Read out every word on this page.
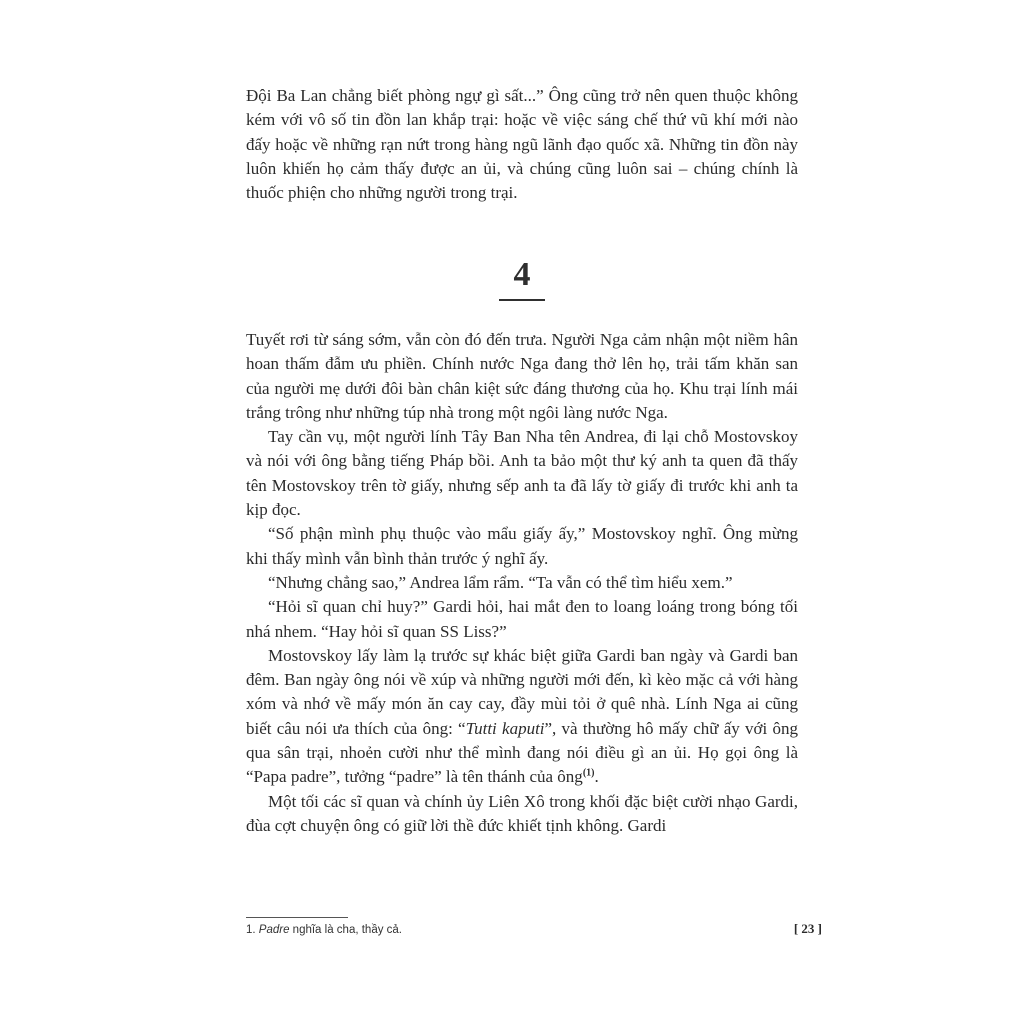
Đội Ba Lan chẳng biết phòng ngự gì sất...” Ông cũng trở nên quen thuộc không kém với vô số tin đồn lan khắp trại: hoặc về việc sáng chế thứ vũ khí mới nào đấy hoặc về những rạn nứt trong hàng ngũ lãnh đạo quốc xã. Những tin đồn này luôn khiến họ cảm thấy được an ủi, và chúng cũng luôn sai – chúng chính là thuốc phiện cho những người trong trại.

4

Tuyết rơi từ sáng sớm, vẫn còn đó đến trưa. Người Nga cảm nhận một niềm hân hoan thấm đẫm ưu phiền. Chính nước Nga đang thở lên họ, trải tấm khăn san của người mẹ dưới đôi bàn chân kiệt sức đáng thương của họ. Khu trại lính mái trắng trông như những túp nhà trong một ngôi làng nước Nga.

Tay cần vụ, một người lính Tây Ban Nha tên Andrea, đi lại chỗ Mostovskoy và nói với ông bằng tiếng Pháp bồi. Anh ta bảo một thư ký anh ta quen đã thấy tên Mostovskoy trên tờ giấy, nhưng sếp anh ta đã lấy tờ giấy đi trước khi anh ta kịp đọc.

“Số phận mình phụ thuộc vào mẩu giấy ấy,” Mostovskoy nghĩ. Ông mừng khi thấy mình vẫn bình thản trước ý nghĩ ấy.

“Nhưng chẳng sao,” Andrea lẩm rẩm. “Ta vẫn có thể tìm hiểu xem.”

“Hỏi sĩ quan chỉ huy?” Gardi hỏi, hai mắt đen to loang loáng trong bóng tối nhá nhem. “Hay hỏi sĩ quan SS Liss?”

Mostovskoy lấy làm lạ trước sự khác biệt giữa Gardi ban ngày và Gardi ban đêm. Ban ngày ông nói về xúp và những người mới đến, kì kèo mặc cả với hàng xóm và nhớ về mấy món ăn cay cay, đầy mùi tỏi ở quê nhà. Lính Nga ai cũng biết câu nói ưa thích của ông: “Tutti kaputi”, và thường hô mấy chữ ấy với ông qua sân trại, nhoẻn cười như thể mình đang nói điều gì an ủi. Họ gọi ông là “Papa padre”, tưởng “padre” là tên thánh của ông$^{(1)}$.

Một tối các sĩ quan và chính ủy Liên Xô trong khối đặc biệt cười nhạo Gardi, đùa cợt chuyện ông có giữ lời thề đức khiết tịnh không. Gardi

1. Padre nghĩa là cha, thầy cả.	[ 23 ]
